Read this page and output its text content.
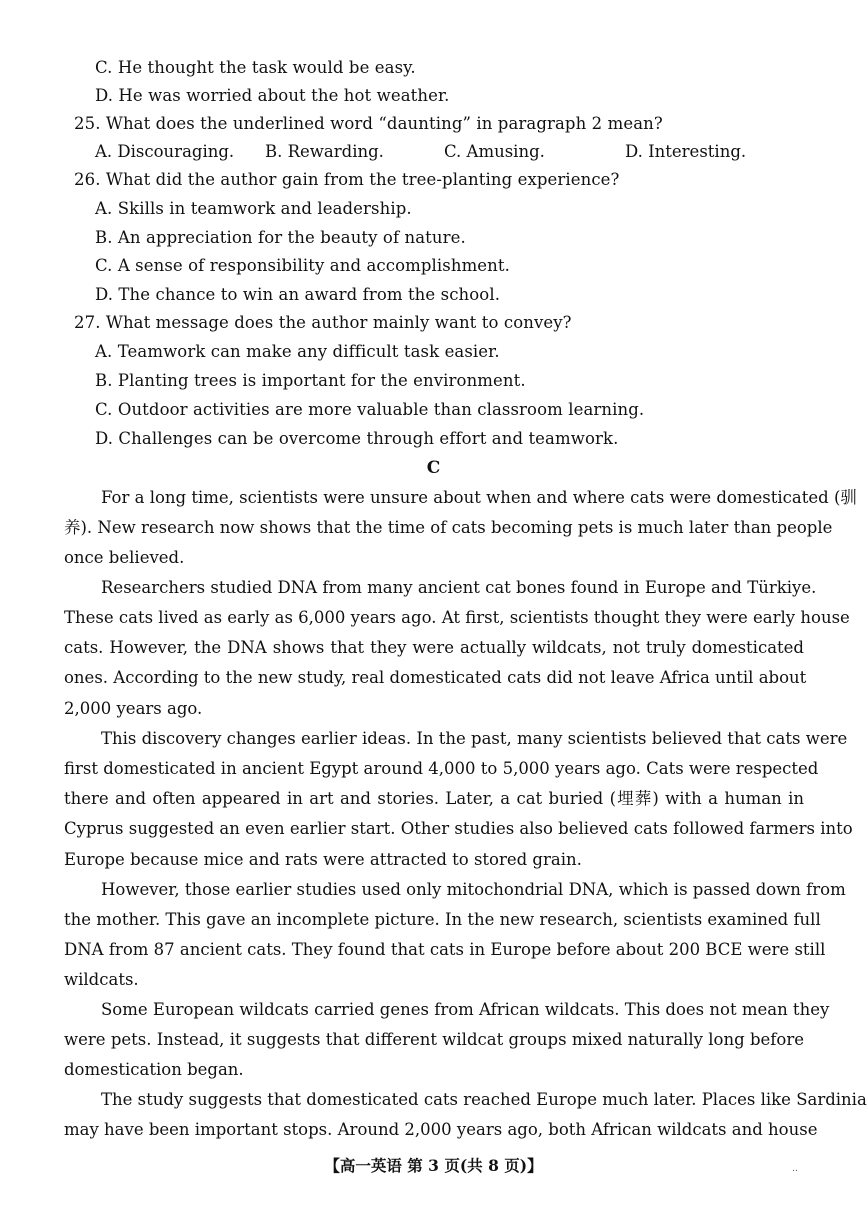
C. He thought the task would be easy.
D. He was worried about the hot weather.
25. What does the underlined word “daunting” in paragraph 2 mean?
A. Discouraging. B. Rewarding.	C. Amusing.	D. Interesting.
26. What did the author gain from the tree-planting experience?
A. Skills in teamwork and leadership.
B. An appreciation for the beauty of nature.
C. A sense of responsibility and accomplishment.
D. The chance to win an award from the school.
27. What message does the author mainly want to convey?
A. Teamwork can make any difficult task easier.
B. Planting trees is important for the environment.
C. Outdoor activities are more valuable than classroom learning.
D. Challenges can be overcome through effort and teamwork.
C
For a long time, scientists were unsure about when and where cats were domesticated (驯
养). New research now shows that the time of cats becoming pets is much later than people
once believed.
Researchers studied DNA from many ancient cat bones found in Europe and Türkiye.
These cats lived as early as 6,000 years ago. At first, scientists thought they were early house
cats. However, the DNA shows that they were actually wildcats, not truly domesticated
ones. According to the new study, real domesticated cats did not leave Africa until about
2,000 years ago.
This discovery changes earlier ideas. In the past, many scientists believed that cats were
first domesticated in ancient Egypt around 4,000 to 5,000 years ago. Cats were respected
there and often appeared in art and stories. Later, a cat buried (埋葬) with a human in
Cyprus suggested an even earlier start. Other studies also believed cats followed farmers into
Europe because mice and rats were attracted to stored grain.
However, those earlier studies used only mitochondrial DNA, which is passed down from
the mother. This gave an incomplete picture. In the new research, scientists examined full
DNA from 87 ancient cats. They found that cats in Europe before about 200 BCE were still
wildcats.
Some European wildcats carried genes from African wildcats. This does not mean they
were pets. Instead, it suggests that different wildcat groups mixed naturally long before
domestication began.
The study suggests that domesticated cats reached Europe much later. Places like Sardinia
may have been important stops. Around 2,000 years ago, both African wildcats and house
【高一英语 第 3 页(共 8 页)】	‥
